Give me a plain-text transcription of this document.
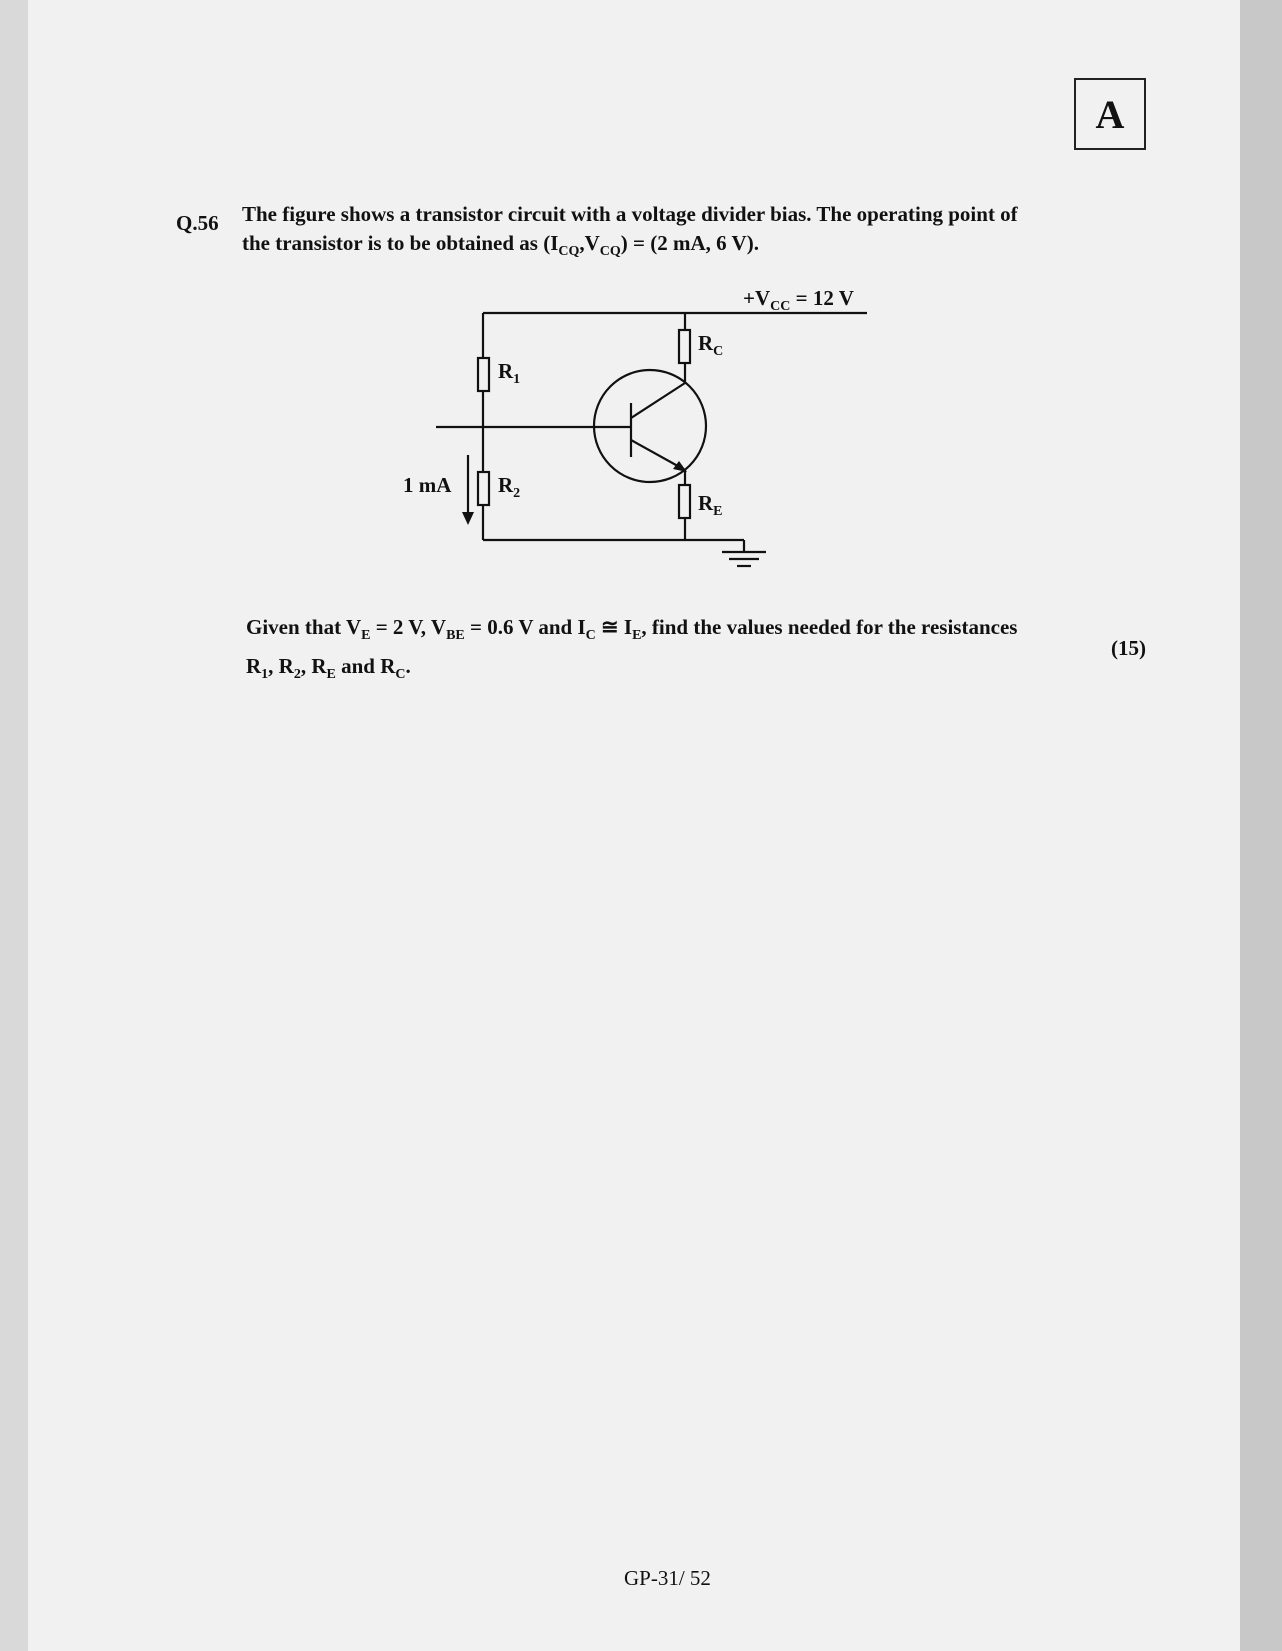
A
Q.56 The figure shows a transistor circuit with a voltage divider bias. The operating point of
the transistor is to be obtained as $(I_{CQ},V_{CQ}) = (2$ mA, 6 V).
$+V_{CC} = 12$ V
$R_1$
$R_2$
$R_C$
$R_E$
1 mA
Given that $V_E = 2$ V, $V_{BE} = 0.6$ V and $I_C$ ≅ $I_E$, find the values needed for the resistances
$R_1$, $R_2$, $R_E$ and $R_C$.
(15)
GP-31/ 52
